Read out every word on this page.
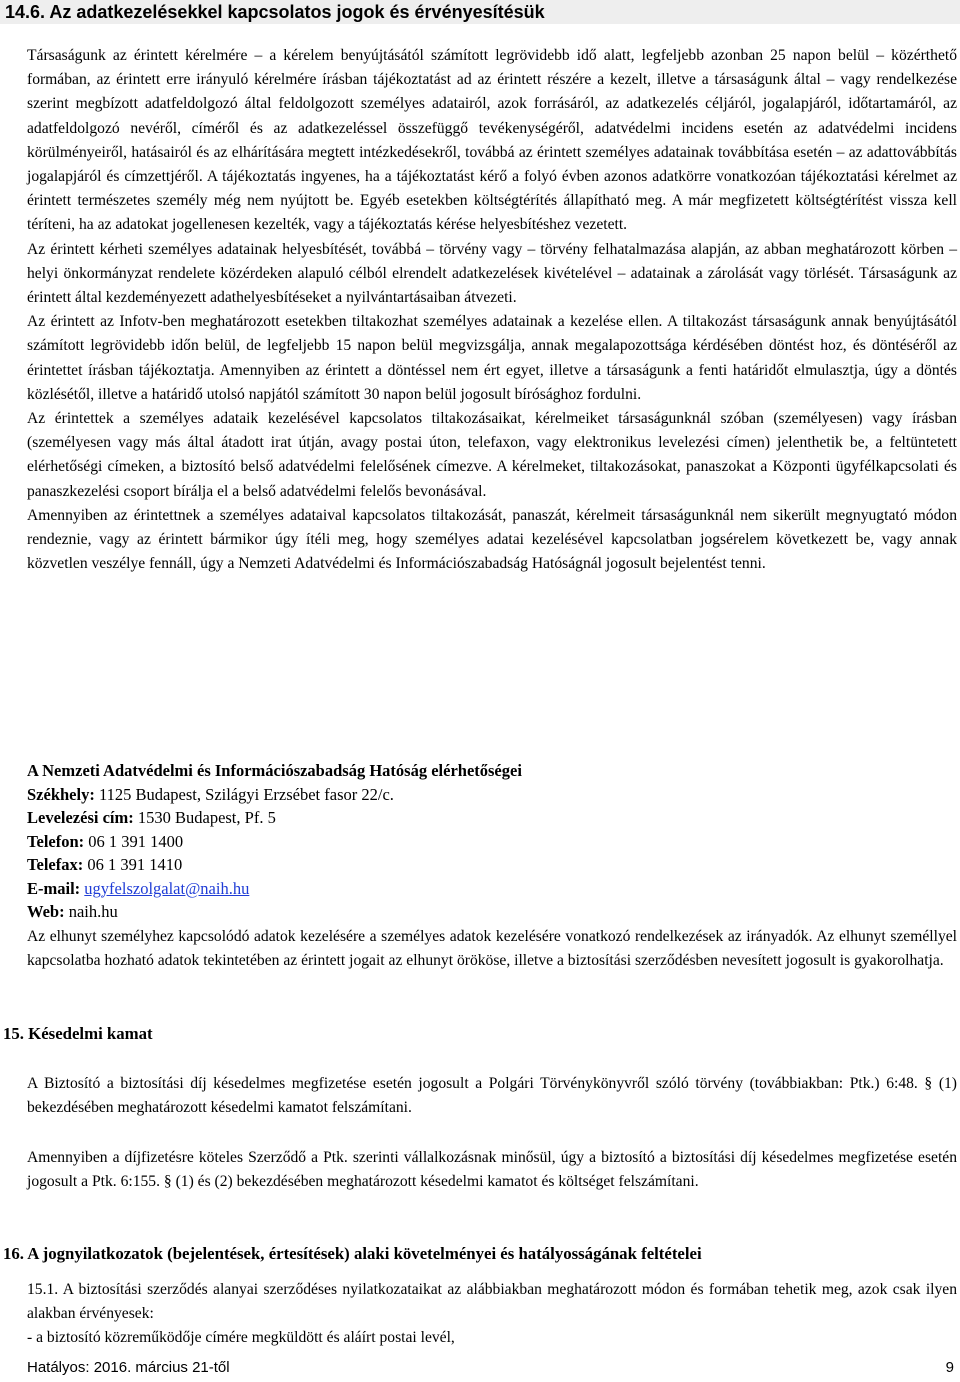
14.6. Az adatkezelésekkel kapcsolatos jogok és érvényesítésük

Társaságunk az érintett kérelmére – a kérelem benyújtásától számított legrövidebb idő alatt, legfeljebb azonban 25 napon belül – közérthető formában, az érintett erre irányuló kérelmére írásban tájékoztatást ad az érintett részére a kezelt, illetve a társaságunk által – vagy rendelkezése szerint megbízott adatfeldolgozó által feldolgozott személyes adatairól, azok forrásáról, az adatkezelés céljáról, jogalapjáról, időtartamáról, az adatfeldolgozó nevéről, címéről és az adatkezeléssel összefüggő tevékenységéről, adatvédelmi incidens esetén az adatvédelmi incidens körülményeiről, hatásairól és az elhárítására megtett intézkedésekről, továbbá az érintett személyes adatainak továbbítása esetén – az adattovábbítás jogalapjáról és címzettjéről. A tájékoztatás ingyenes, ha a tájékoztatást kérő a folyó évben azonos adatkörre vonatkozóan tájékoztatási kérelmet az érintett természetes személy még nem nyújtott be. Egyéb esetekben költségtérítés állapítható meg. A már megfizetett költségtérítést vissza kell téríteni, ha az adatokat jogellenesen kezelték, vagy a tájékoztatás kérése helyesbítéshez vezetett.

Az érintett kérheti személyes adatainak helyesbítését, továbbá – törvény vagy – törvény felhatalmazása alapján, az abban meghatározott körben – helyi önkormányzat rendelete közérdeken alapuló célból elrendelt adatkezelések kivételével – adatainak a zárolását vagy törlését. Társaságunk az érintett által kezdeményezett adathelyesbítéseket a nyilvántartásaiban átvezeti.

Az érintett az Infotv-ben meghatározott esetekben tiltakozhat személyes adatainak a kezelése ellen. A tiltakozást társaságunk annak benyújtásától számított legrövidebb időn belül, de legfeljebb 15 napon belül megvizsgálja, annak megalapozottsága kérdésében döntést hoz, és döntéséről az érintettet írásban tájékoztatja. Amennyiben az érintett a döntéssel nem ért egyet, illetve a társaságunk a fenti határidőt elmulasztja, úgy a döntés közlésétől, illetve a határidő utolsó napjától számított 30 napon belül jogosult bírósághoz fordulni.

Az érintettek a személyes adataik kezelésével kapcsolatos tiltakozásaikat, kérelmeiket társaságunknál szóban (személyesen) vagy írásban (személyesen vagy más által átadott irat útján, avagy postai úton, telefaxon, vagy elektronikus levelezési címen) jelenthetik be, a feltüntetett elérhetőségi címeken, a biztosító belső adatvédelmi felelősének címezve. A kérelmeket, tiltakozásokat, panaszokat a Központi ügyfélkapcsolati és panaszkezelési csoport bírálja el a belső adatvédelmi felelős bevonásával.

Amennyiben az érintettnek a személyes adataival kapcsolatos tiltakozását, panaszát, kérelmeit társaságunknál nem sikerült megnyugtató módon rendeznie, vagy az érintett bármikor úgy ítéli meg, hogy személyes adatai kezelésével kapcsolatban jogsérelem következett be, vagy annak közvetlen veszélye fennáll, úgy a Nemzeti Adatvédelmi és Információszabadság Hatóságnál jogosult bejelentést tenni.

A Nemzeti Adatvédelmi és Információszabadság Hatóság elérhetőségei
Székhely: 1125 Budapest, Szilágyi Erzsébet fasor 22/c.
Levelezési cím: 1530 Budapest, Pf. 5
Telefon: 06 1 391 1400
Telefax: 06 1 391 1410
E-mail: ugyfelszolgalat@naih.hu
Web: naih.hu

Az elhunyt személyhez kapcsolódó adatok kezelésére a személyes adatok kezelésére vonatkozó rendelkezések az irányadók. Az elhunyt személlyel kapcsolatba hozható adatok tekintetében az érintett jogait az elhunyt örököse, illetve a biztosítási szerződésben nevesített jogosult is gyakorolhatja.

15. Késedelmi kamat

A Biztosító a biztosítási díj késedelmes megfizetése esetén jogosult a Polgári Törvénykönyvről szóló törvény (továbbiakban: Ptk.) 6:48. § (1) bekezdésében meghatározott késedelmi kamatot felszámítani.

Amennyiben a díjfizetésre köteles Szerződő a Ptk. szerinti vállalkozásnak minősül, úgy a biztosító a biztosítási díj késedelmes megfizetése esetén jogosult a Ptk. 6:155. § (1) és (2) bekezdésében meghatározott késedelmi kamatot és költséget felszámítani.

16. A jognyilatkozatok (bejelentések, értesítések) alaki követelményei és hatályosságának feltételei

15.1. A biztosítási szerződés alanyai szerződéses nyilatkozataikat az alábbiakban meghatározott módon és formában tehetik meg, azok csak ilyen alakban érvényesek:

- a biztosító közreműködője címére megküldött és aláírt postai levél,

Hatályos: 2016. március 21-től	9
